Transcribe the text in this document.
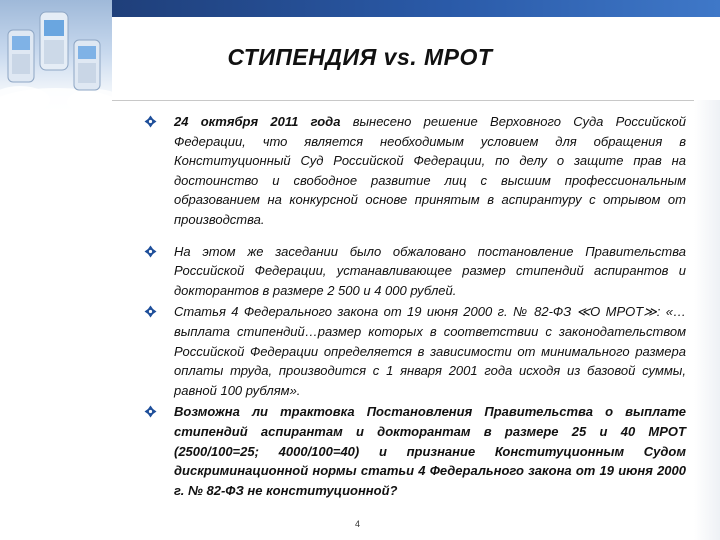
СТИПЕНДИЯ vs. МРОТ
24 октября 2011 года вынесено решение Верховного Суда Российской Федерации, что является необходимым условием для обращения в Конституционный Суд Российской Федерации, по делу о защите прав на достоинство и свободное развитие лиц с высшим профессиональным образованием на конкурсной основе принятым в аспирантуру с отрывом от производства.
На этом же заседании было обжаловано постановление Правительства Российской Федерации, устанавливающее размер стипендий аспирантов и докторантов в размере 2 500 и 4 000 рублей.
Статья 4 Федерального закона от 19 июня 2000 г. № 82-ФЗ ≪О МРОТ≫: «…выплата стипендий…размер которых в соответствии с законодательством Российской Федерации определяется в зависимости от минимального размера оплаты труда, производится с 1 января 2001 года исходя из базовой суммы, равной 100 рублям».
Возможна ли трактовка Постановления Правительства о выплате стипендий аспирантам и докторантам в размере 25 и 40 МРОТ (2500/100=25; 4000/100=40) и признание Конституционным Судом дискриминационной нормы статьи 4 Федерального закона от 19 июня 2000 г. № 82-ФЗ не конституционной?
4
